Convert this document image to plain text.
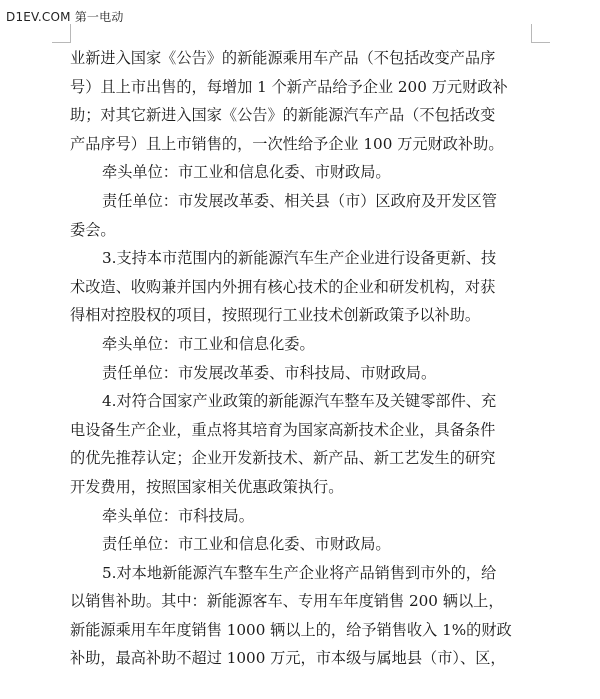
D1EV.COM 第一电动
业新进入国家《公告》的新能源乘用车产品（不包括改变产品序
号）且上市出售的，每增加 1 个新产品给予企业 200 万元财政补
助；对其它新进入国家《公告》的新能源汽车产品（不包括改变
产品序号）且上市销售的，一次性给予企业 100 万元财政补助。
牵头单位：市工业和信息化委、市财政局。
责任单位：市发展改革委、相关县（市）区政府及开发区管
委会。
3.支持本市范围内的新能源汽车生产企业进行设备更新、技
术改造、收购兼并国内外拥有核心技术的企业和研发机构，对获
得相对控股权的项目，按照现行工业技术创新政策予以补助。
牵头单位：市工业和信息化委。
责任单位：市发展改革委、市科技局、市财政局。
4.对符合国家产业政策的新能源汽车整车及关键零部件、充
电设备生产企业，重点将其培育为国家高新技术企业，具备条件
的优先推荐认定；企业开发新技术、新产品、新工艺发生的研究
开发费用，按照国家相关优惠政策执行。
牵头单位：市科技局。
责任单位：市工业和信息化委、市财政局。
5.对本地新能源汽车整车生产企业将产品销售到市外的，给
以销售补助。其中：新能源客车、专用车年度销售 200 辆以上，
新能源乘用车年度销售 1000 辆以上的，给予销售收入 1%的财政
补助，最高补助不超过 1000 万元，市本级与属地县（市）、区，
